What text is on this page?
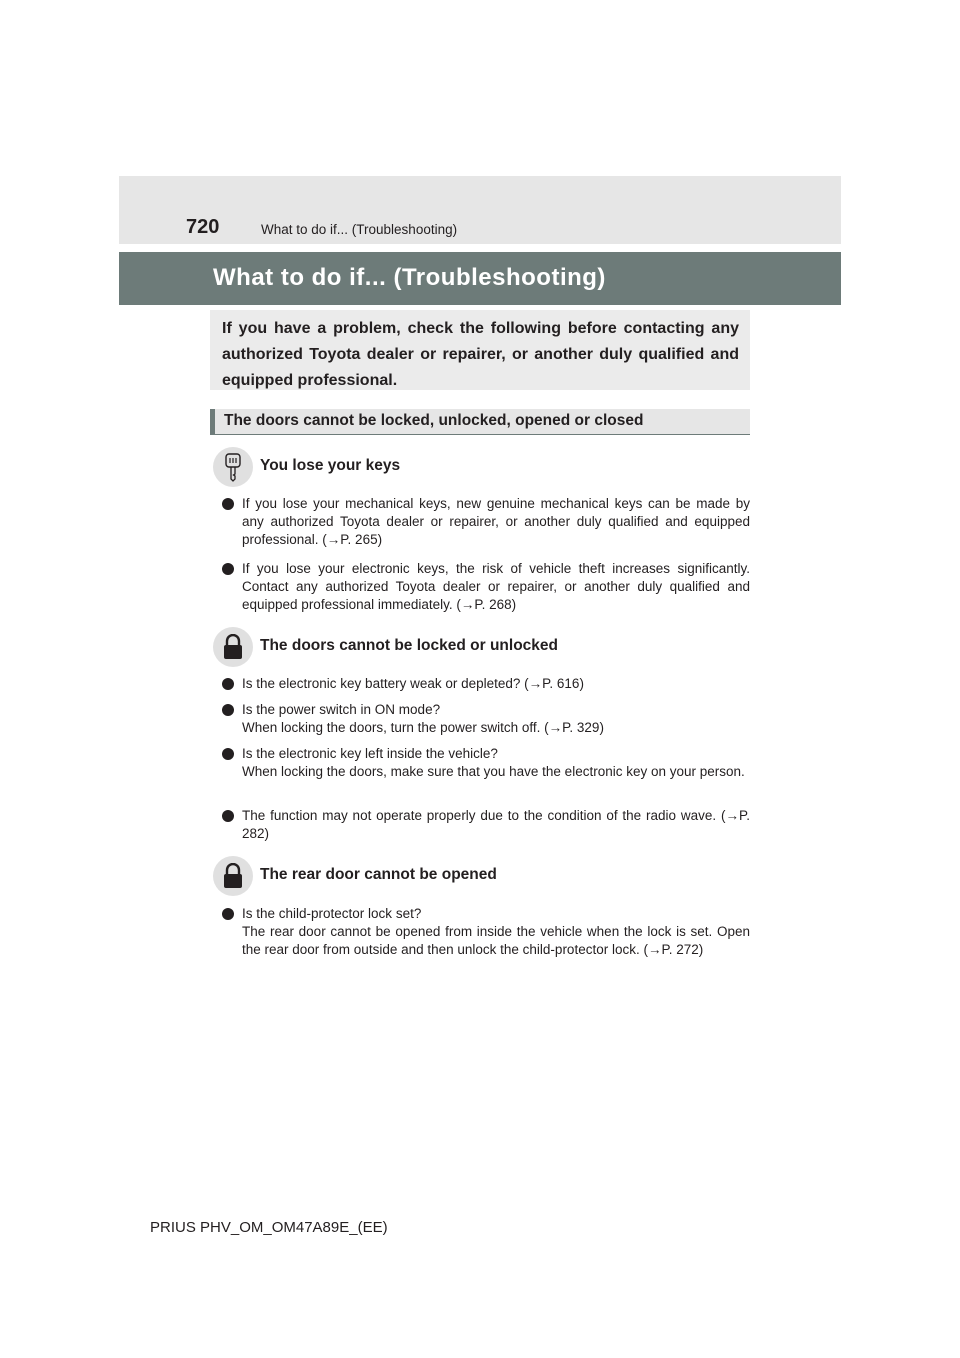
720	What to do if... (Troubleshooting)
What to do if... (Troubleshooting)
If you have a problem, check the following before contacting any authorized Toyota dealer or repairer, or another duly qualified and equipped professional.
The doors cannot be locked, unlocked, opened or closed
You lose your keys
If you lose your mechanical keys, new genuine mechanical keys can be made by any authorized Toyota dealer or repairer, or another duly qualified and equipped professional. (→P. 265)
If you lose your electronic keys, the risk of vehicle theft increases significantly. Contact any authorized Toyota dealer or repairer, or another duly qualified and equipped professional immediately. (→P. 268)
The doors cannot be locked or unlocked
Is the electronic key battery weak or depleted? (→P. 616)
Is the power switch in ON mode?
When locking the doors, turn the power switch off. (→P. 329)
Is the electronic key left inside the vehicle?
When locking the doors, make sure that you have the electronic key on your person.
The function may not operate properly due to the condition of the radio wave. (→P. 282)
The rear door cannot be opened
Is the child-protector lock set?
The rear door cannot be opened from inside the vehicle when the lock is set. Open the rear door from outside and then unlock the child-protector lock. (→P. 272)
PRIUS PHV_OM_OM47A89E_(EE)
